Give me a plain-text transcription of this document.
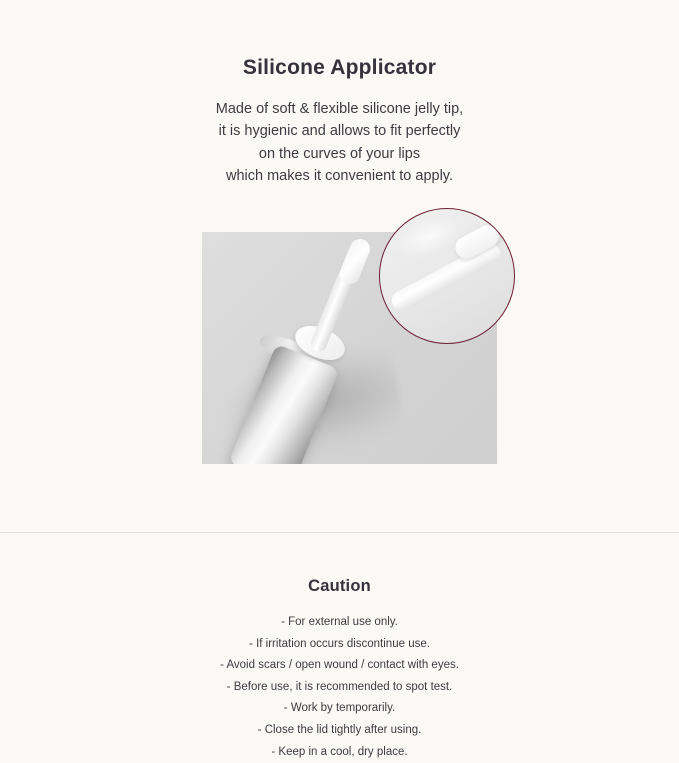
Silicone Applicator
Made of soft & flexible silicone jelly tip,
it is hygienic and allows to fit perfectly
on the curves of your lips
which makes it convenient to apply.
Caution
- For external use only.
- If irritation occurs discontinue use.
- Avoid scars / open wound / contact with eyes.
- Before use, it is recommended to spot test.
- Work by temporarily.
- Close the lid tightly after using.
- Keep in a cool, dry place.
